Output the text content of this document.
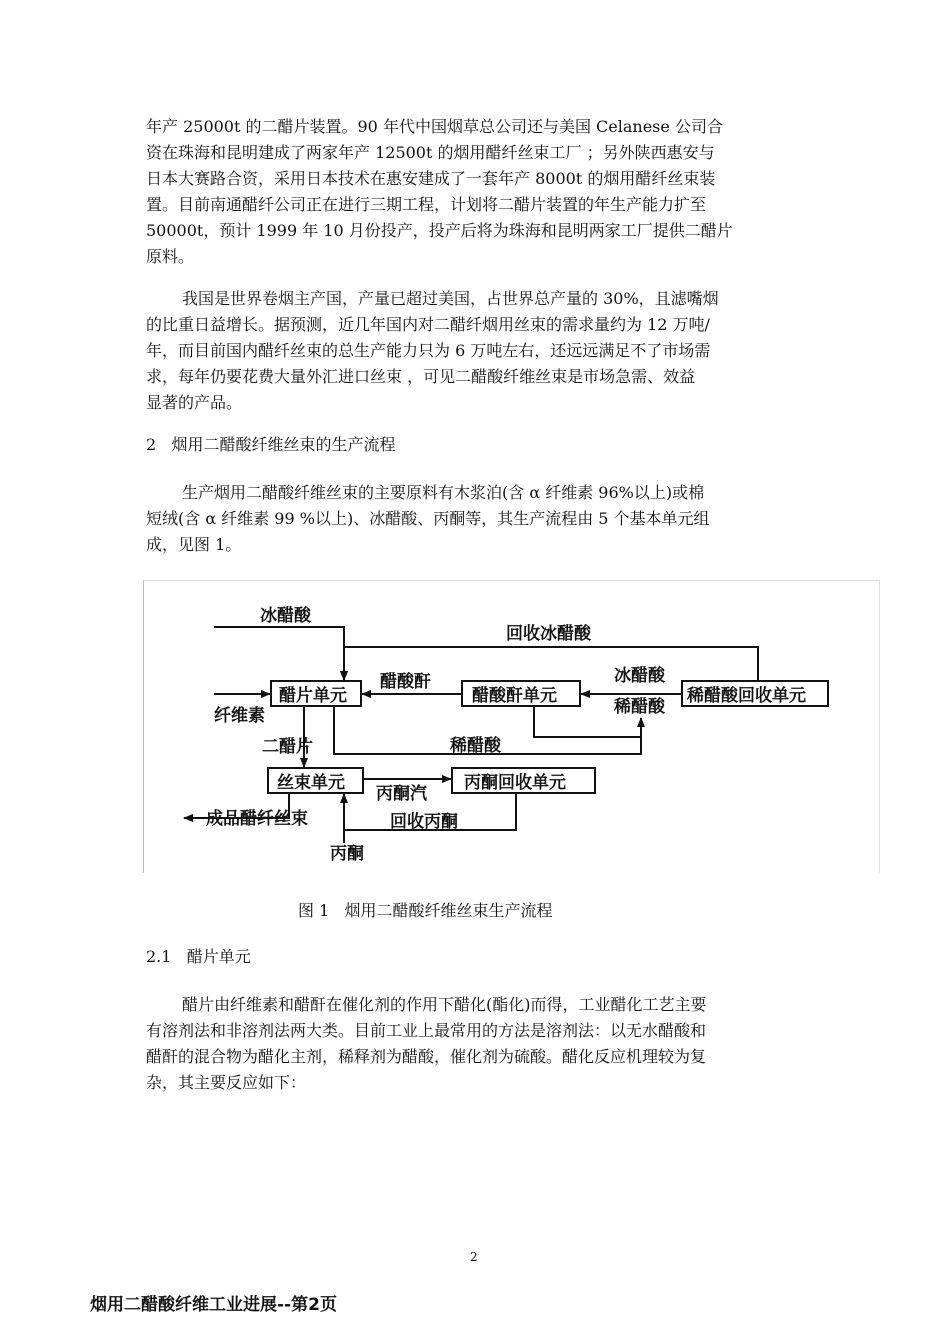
年产 25000t 的二醋片装置。90 年代中国烟草总公司还与美国 Celanese 公司合
资在珠海和昆明建成了两家年产 12500t 的烟用醋纤丝束工厂 ；另外陕西惠安与
日本大赛路合资，采用日本技术在惠安建成了一套年产 8000t 的烟用醋纤丝束装
置。目前南通醋纤公司正在进行三期工程，计划将二醋片装置的年生产能力扩至
50000t，预计 1999 年 10 月份投产，投产后将为珠海和昆明两家工厂提供二醋片
原料。
我国是世界卷烟主产国，产量已超过美国，占世界总产量的 30%，且滤嘴烟
的比重日益增长。据预测，近几年国内对二醋纤烟用丝束的需求量约为 12 万吨/
年，而目前国内醋纤丝束的总生产能力只为 6 万吨左右，还远远满足不了市场需
求，每年仍要花费大量外汇进口丝束 ，可见二醋酸纤维丝束是市场急需、效益
显著的产品。
2   烟用二醋酸纤维丝束的生产流程
生产烟用二醋酸纤维丝束的主要原料有木浆泊(含 α 纤维素 96%以上)或棉
短绒(含 α 纤维素 99 %以上)、冰醋酸、丙酮等，其生产流程由 5 个基本单元组
成，见图 1。
醋片单元	醋酸酐单元	稀醋酸回收单元
丝束单元	丙酮回收单元
冰醋酸
回收冰醋酸
醋酸酐	冰醋酸
稀醋酸
纤维素
二醋片	稀醋酸
丙酮汽
成品醋纤丝束	回收丙酮
丙酮
图 1   烟用二醋酸纤维丝束生产流程
2.1   醋片单元
醋片由纤维素和醋酐在催化剂的作用下醋化(酯化)而得，工业醋化工艺主要
有溶剂法和非溶剂法两大类。目前工业上最常用的方法是溶剂法：以无水醋酸和
醋酐的混合物为醋化主剂，稀释剂为醋酸，催化剂为硫酸。醋化反应机理较为复
杂，其主要反应如下：
2
烟用二醋酸纤维工业进展--第2页
